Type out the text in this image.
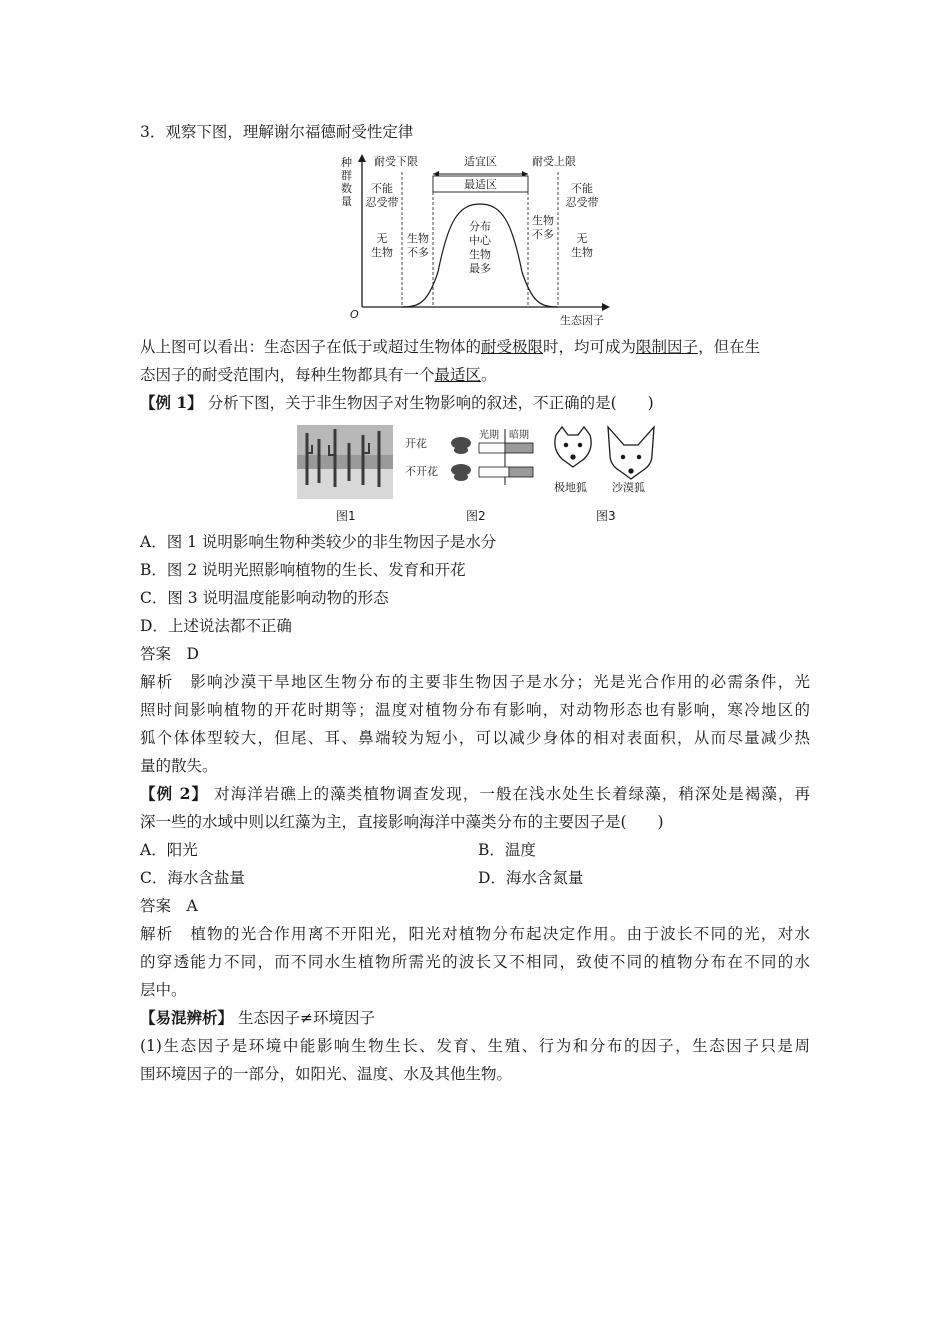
3．观察下图，理解谢尔福德耐受性定律
种群数量
O	生态因子
耐受下限	适宜区	耐受上限
最适区
不能忍受带
不能忍受带
无生物
无生物
生物不多
生物不多
分布中心生物最多
从上图可以看出：生态因子在低于或超过生物体的耐受极限时，均可成为限制因子，但在生
态因子的耐受范围内，每种生物都具有一个最适区。
【例 1】 分析下图，关于非生物因子对生物影响的叙述，不正确的是(　　)
图1
开花
不开花
光期 暗期
图2
极地狐 沙漠狐
图3
A．图 1 说明影响生物种类较少的非生物因子是水分
B．图 2 说明光照影响植物的生长、发育和开花
C．图 3 说明温度能影响动物的形态
D．上述说法都不正确
答案　D
解析　影响沙漠干旱地区生物分布的主要非生物因子是水分；光是光合作用的必需条件，光
照时间影响植物的开花时期等；温度对植物分布有影响，对动物形态也有影响，寒冷地区的
狐个体体型较大，但尾、耳、鼻端较为短小，可以减少身体的相对表面积，从而尽量减少热
量的散失。
【例 2】 对海洋岩礁上的藻类植物调查发现，一般在浅水处生长着绿藻，稍深处是褐藻，再
深一些的水域中则以红藻为主，直接影响海洋中藻类分布的主要因子是(　　)
A．阳光	B．温度
C．海水含盐量	D．海水含氮量
答案　A
解析　植物的光合作用离不开阳光，阳光对植物分布起决定作用。由于波长不同的光，对水
的穿透能力不同，而不同水生植物所需光的波长又不相同，致使不同的植物分布在不同的水
层中。
【易混辨析】 生态因子≠环境因子
(1)生态因子是环境中能影响生物生长、发育、生殖、行为和分布的因子，生态因子只是周
围环境因子的一部分，如阳光、温度、水及其他生物。
